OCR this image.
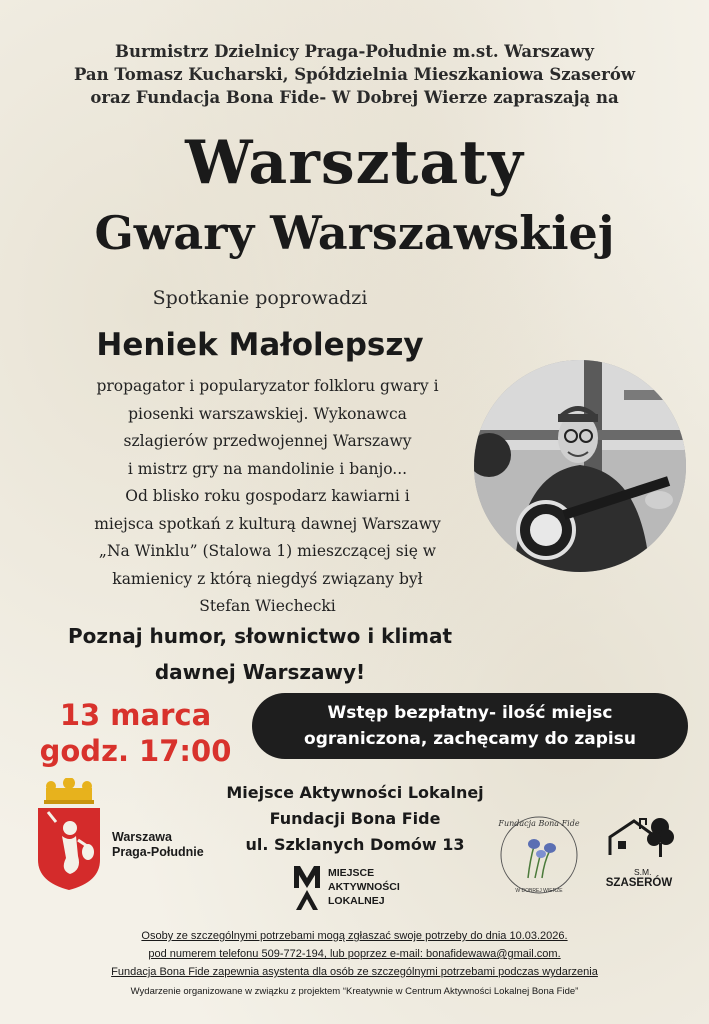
Burmistrz Dzielnicy Praga-Południe m.st. Warszawy
Pan Tomasz Kucharski, Spółdzielnia Mieszkaniowa Szaserów
oraz Fundacja Bona Fide- W Dobrej Wierze zapraszają na
Warsztaty
Gwary Warszawskiej
Spotkanie poprowadzi
Heniek Małolepszy
propagator i popularyzator folkloru gwary i
piosenki warszawskiej. Wykonawca
szlagierów przedwojennej Warszawy
i mistrz gry na mandolinie i banjo...
Od blisko roku gospodarz kawiarni i
miejsca spotkań z kulturą dawnej Warszawy
„Na Winklu” (Stalowa 1) mieszczącej się w
kamienicy z którą niegdyś związany był
Stefan Wiechecki
Poznaj humor, słownictwo i klimat
dawnej Warszawy!
13 marca
godz. 17:00
Wstęp bezpłatny- ilość miejsc
ograniczona, zachęcamy do zapisu
Miejsce Aktywności Lokalnej
Fundacji Bona Fide
ul. Szklanych Domów 13
Warszawa
Praga-Południe
MIEJSCE
AKTYWNOŚCI
LOKALNEJ
Fundacja Bona Fide
W DOBREJ WIERZE
S.M.
SZASERÓW
Osoby ze szczególnymi potrzebami mogą zgłaszać swoje potrzeby do dnia 10.03.2026.
pod numerem telefonu 509-772-194, lub poprzez e-mail: bonafidewawa@gmail.com.
Fundacja Bona Fide zapewnia asystenta dla osób ze szczególnymi potrzebami podczas wydarzenia
Wydarzenie organizowane w związku z projektem “Kreatywnie w Centrum Aktywności Lokalnej Bona Fide”
